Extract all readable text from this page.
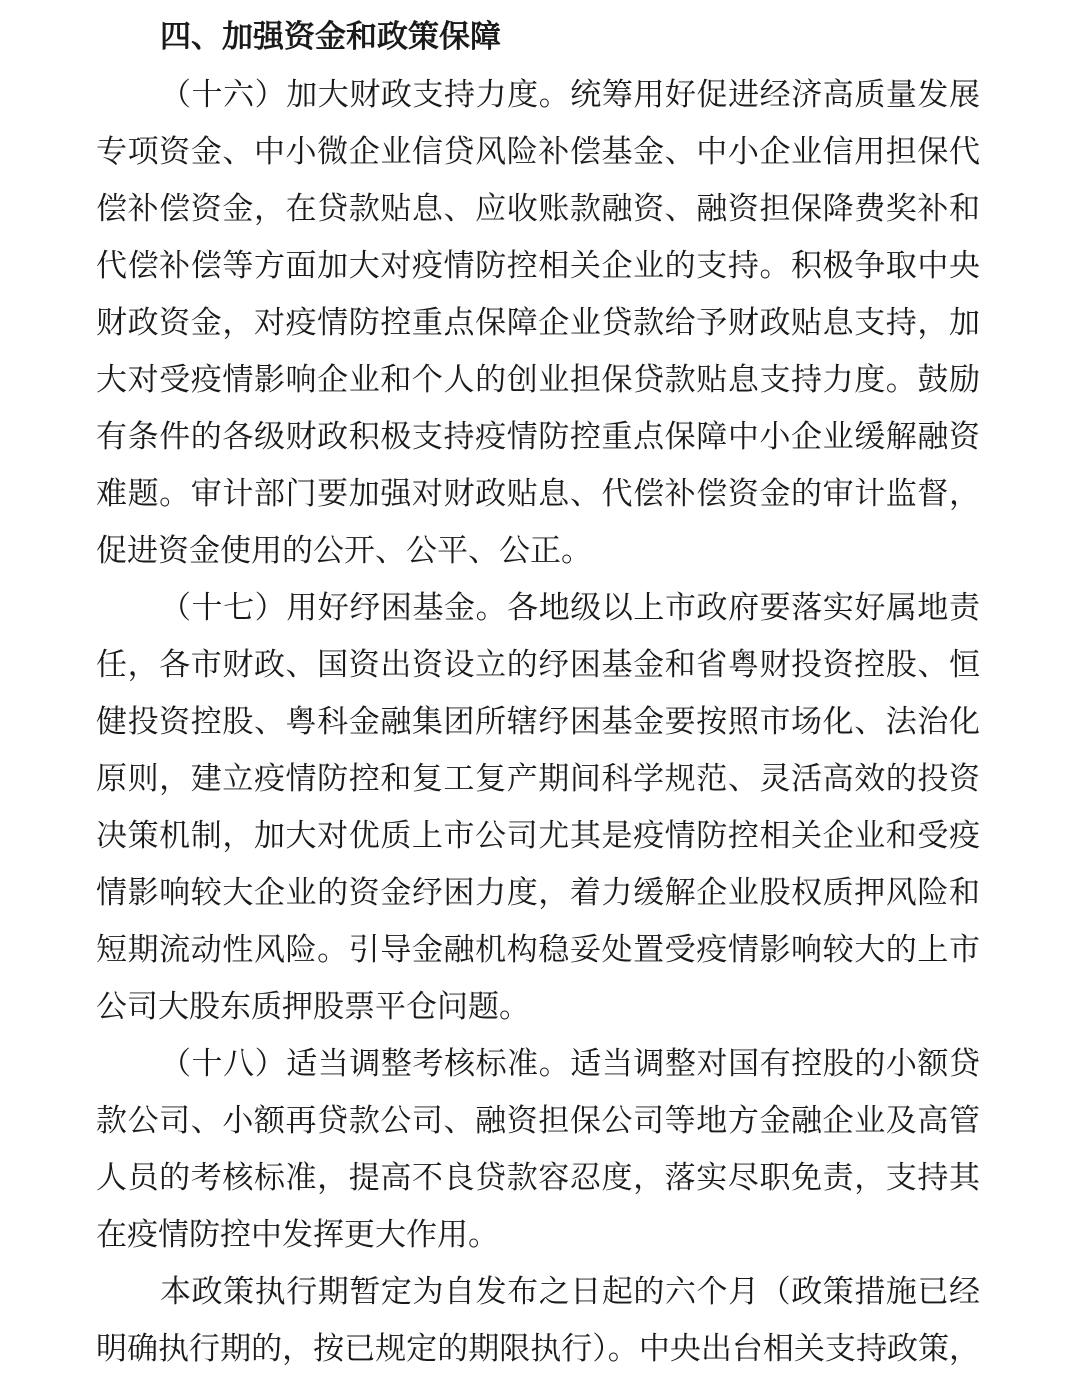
四、加强资金和政策保障
（十六）加大财政支持力度。统筹用好促进经济高质量发展
专项资金、中小微企业信贷风险补偿基金、中小企业信用担保代
偿补偿资金，在贷款贴息、应收账款融资、融资担保降费奖补和
代偿补偿等方面加大对疫情防控相关企业的支持。积极争取中央
财政资金，对疫情防控重点保障企业贷款给予财政贴息支持，加
大对受疫情影响企业和个人的创业担保贷款贴息支持力度。鼓励
有条件的各级财政积极支持疫情防控重点保障中小企业缓解融资
难题。审计部门要加强对财政贴息、代偿补偿资金的审计监督，
促进资金使用的公开、公平、公正。
（十七）用好纾困基金。各地级以上市政府要落实好属地责
任，各市财政、国资出资设立的纾困基金和省粤财投资控股、恒
健投资控股、粤科金融集团所辖纾困基金要按照市场化、法治化
原则，建立疫情防控和复工复产期间科学规范、灵活高效的投资
决策机制，加大对优质上市公司尤其是疫情防控相关企业和受疫
情影响较大企业的资金纾困力度，着力缓解企业股权质押风险和
短期流动性风险。引导金融机构稳妥处置受疫情影响较大的上市
公司大股东质押股票平仓问题。
（十八）适当调整考核标准。适当调整对国有控股的小额贷
款公司、小额再贷款公司、融资担保公司等地方金融企业及高管
人员的考核标准，提高不良贷款容忍度，落实尽职免责，支持其
在疫情防控中发挥更大作用。
本政策执行期暂定为自发布之日起的六个月（政策措施已经
明确执行期的，按已规定的期限执行）。中央出台相关支持政策，
